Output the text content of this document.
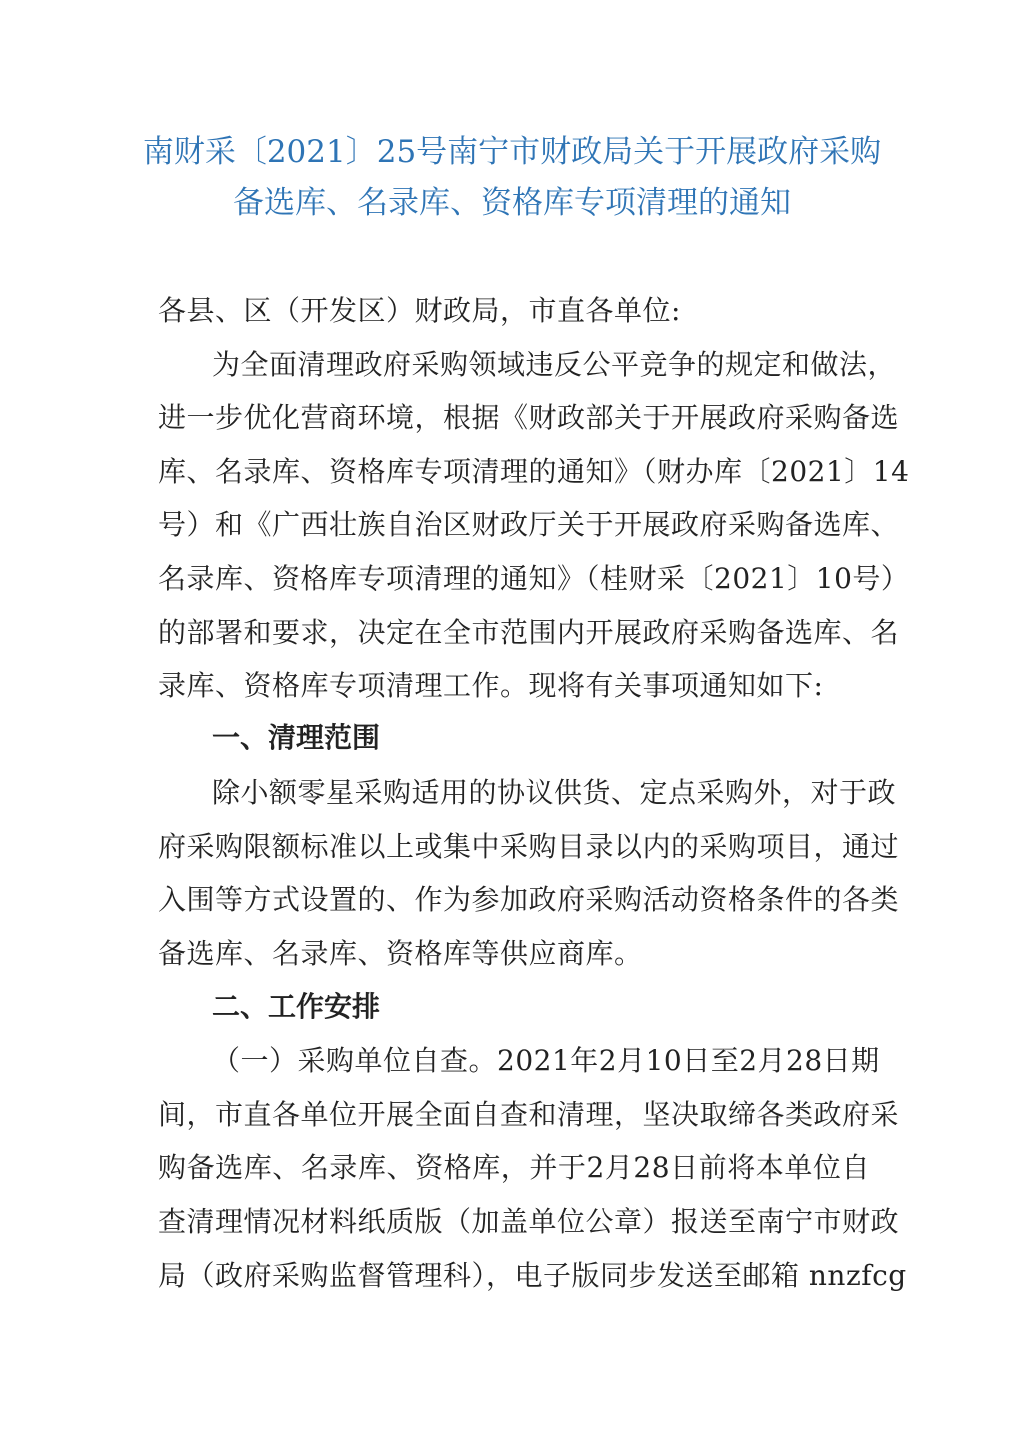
南财采〔2021〕25号南宁市财政局关于开展政府采购
备选库、名录库、资格库专项清理的通知
各县、区（开发区）财政局，市直各单位:
为全面清理政府采购领域违反公平竞争的规定和做法，
进一步优化营商环境，根据《财政部关于开展政府采购备选
库、名录库、资格库专项清理的通知》（财办库〔2021〕14
号）和《广西壮族自治区财政厅关于开展政府采购备选库、
名录库、资格库专项清理的通知》（桂财采〔2021〕10号）
的部署和要求，决定在全市范围内开展政府采购备选库、名
录库、资格库专项清理工作。现将有关事项通知如下:
一、清理范围
除小额零星采购适用的协议供货、定点采购外，对于政
府采购限额标准以上或集中采购目录以内的采购项目，通过
入围等方式设置的、作为参加政府采购活动资格条件的各类
备选库、名录库、资格库等供应商库。
二、工作安排
（一）采购单位自查。2021年2月10日至2月28日期
间，市直各单位开展全面自查和清理，坚决取缔各类政府采
购备选库、名录库、资格库，并于2月28日前将本单位自
查清理情况材料纸质版（加盖单位公章）报送至南宁市财政
局（政府采购监督管理科），电子版同步发送至邮箱 nnzfcg
